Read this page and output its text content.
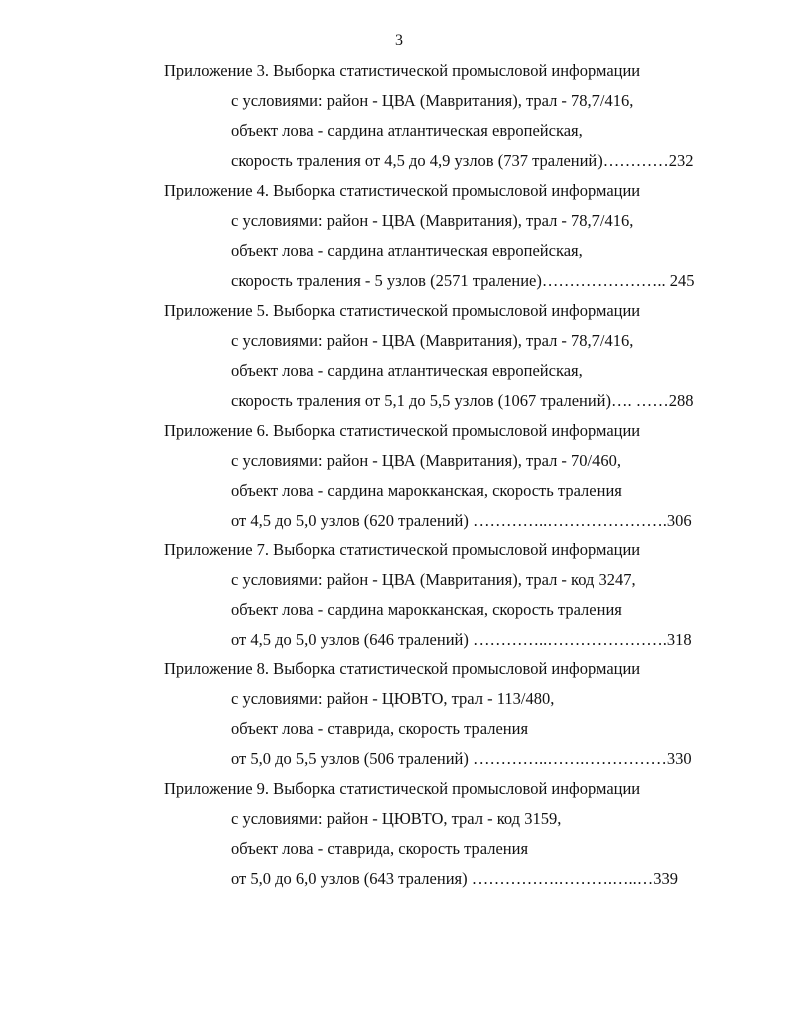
3
Приложение 3. Выборка статистической промысловой информации
с условиями: район - ЦВА (Мавритания), трал - 78,7/416,
объект лова - сардина атлантическая европейская,
скорость траления от 4,5 до 4,9 узлов (737 тралений)…………232
Приложение 4. Выборка статистической промысловой информации
с условиями: район - ЦВА (Мавритания), трал - 78,7/416,
объект лова - сардина атлантическая европейская,
скорость траления - 5 узлов (2571 траление)………………….. 245
Приложение 5. Выборка статистической промысловой информации
с условиями: район - ЦВА (Мавритания), трал - 78,7/416,
объект лова - сардина атлантическая европейская,
скорость траления от 5,1 до 5,5 узлов (1067 тралений)…. ……288
Приложение 6. Выборка статистической промысловой информации
с условиями: район - ЦВА (Мавритания), трал - 70/460,
объект лова - сардина марокканская, скорость траления
от 4,5 до 5,0 узлов (620 тралений) …………..………………….306
Приложение 7. Выборка статистической промысловой информации
с условиями: район - ЦВА (Мавритания), трал - код 3247,
объект лова - сардина марокканская, скорость траления
от 4,5 до 5,0 узлов (646 тралений) …………..………………….318
Приложение 8. Выборка статистической промысловой информации
с условиями: район - ЦЮВТО, трал - 113/480,
объект лова - ставрида, скорость траления
от 5,0 до 5,5 узлов (506 тралений) …………..…….……………330
Приложение 9. Выборка статистической промысловой информации
с условиями: район - ЦЮВТО, трал - код 3159,
объект лова - ставрида, скорость траления
от 5,0 до 6,0 узлов (643 траления) …………….……….…..…339
